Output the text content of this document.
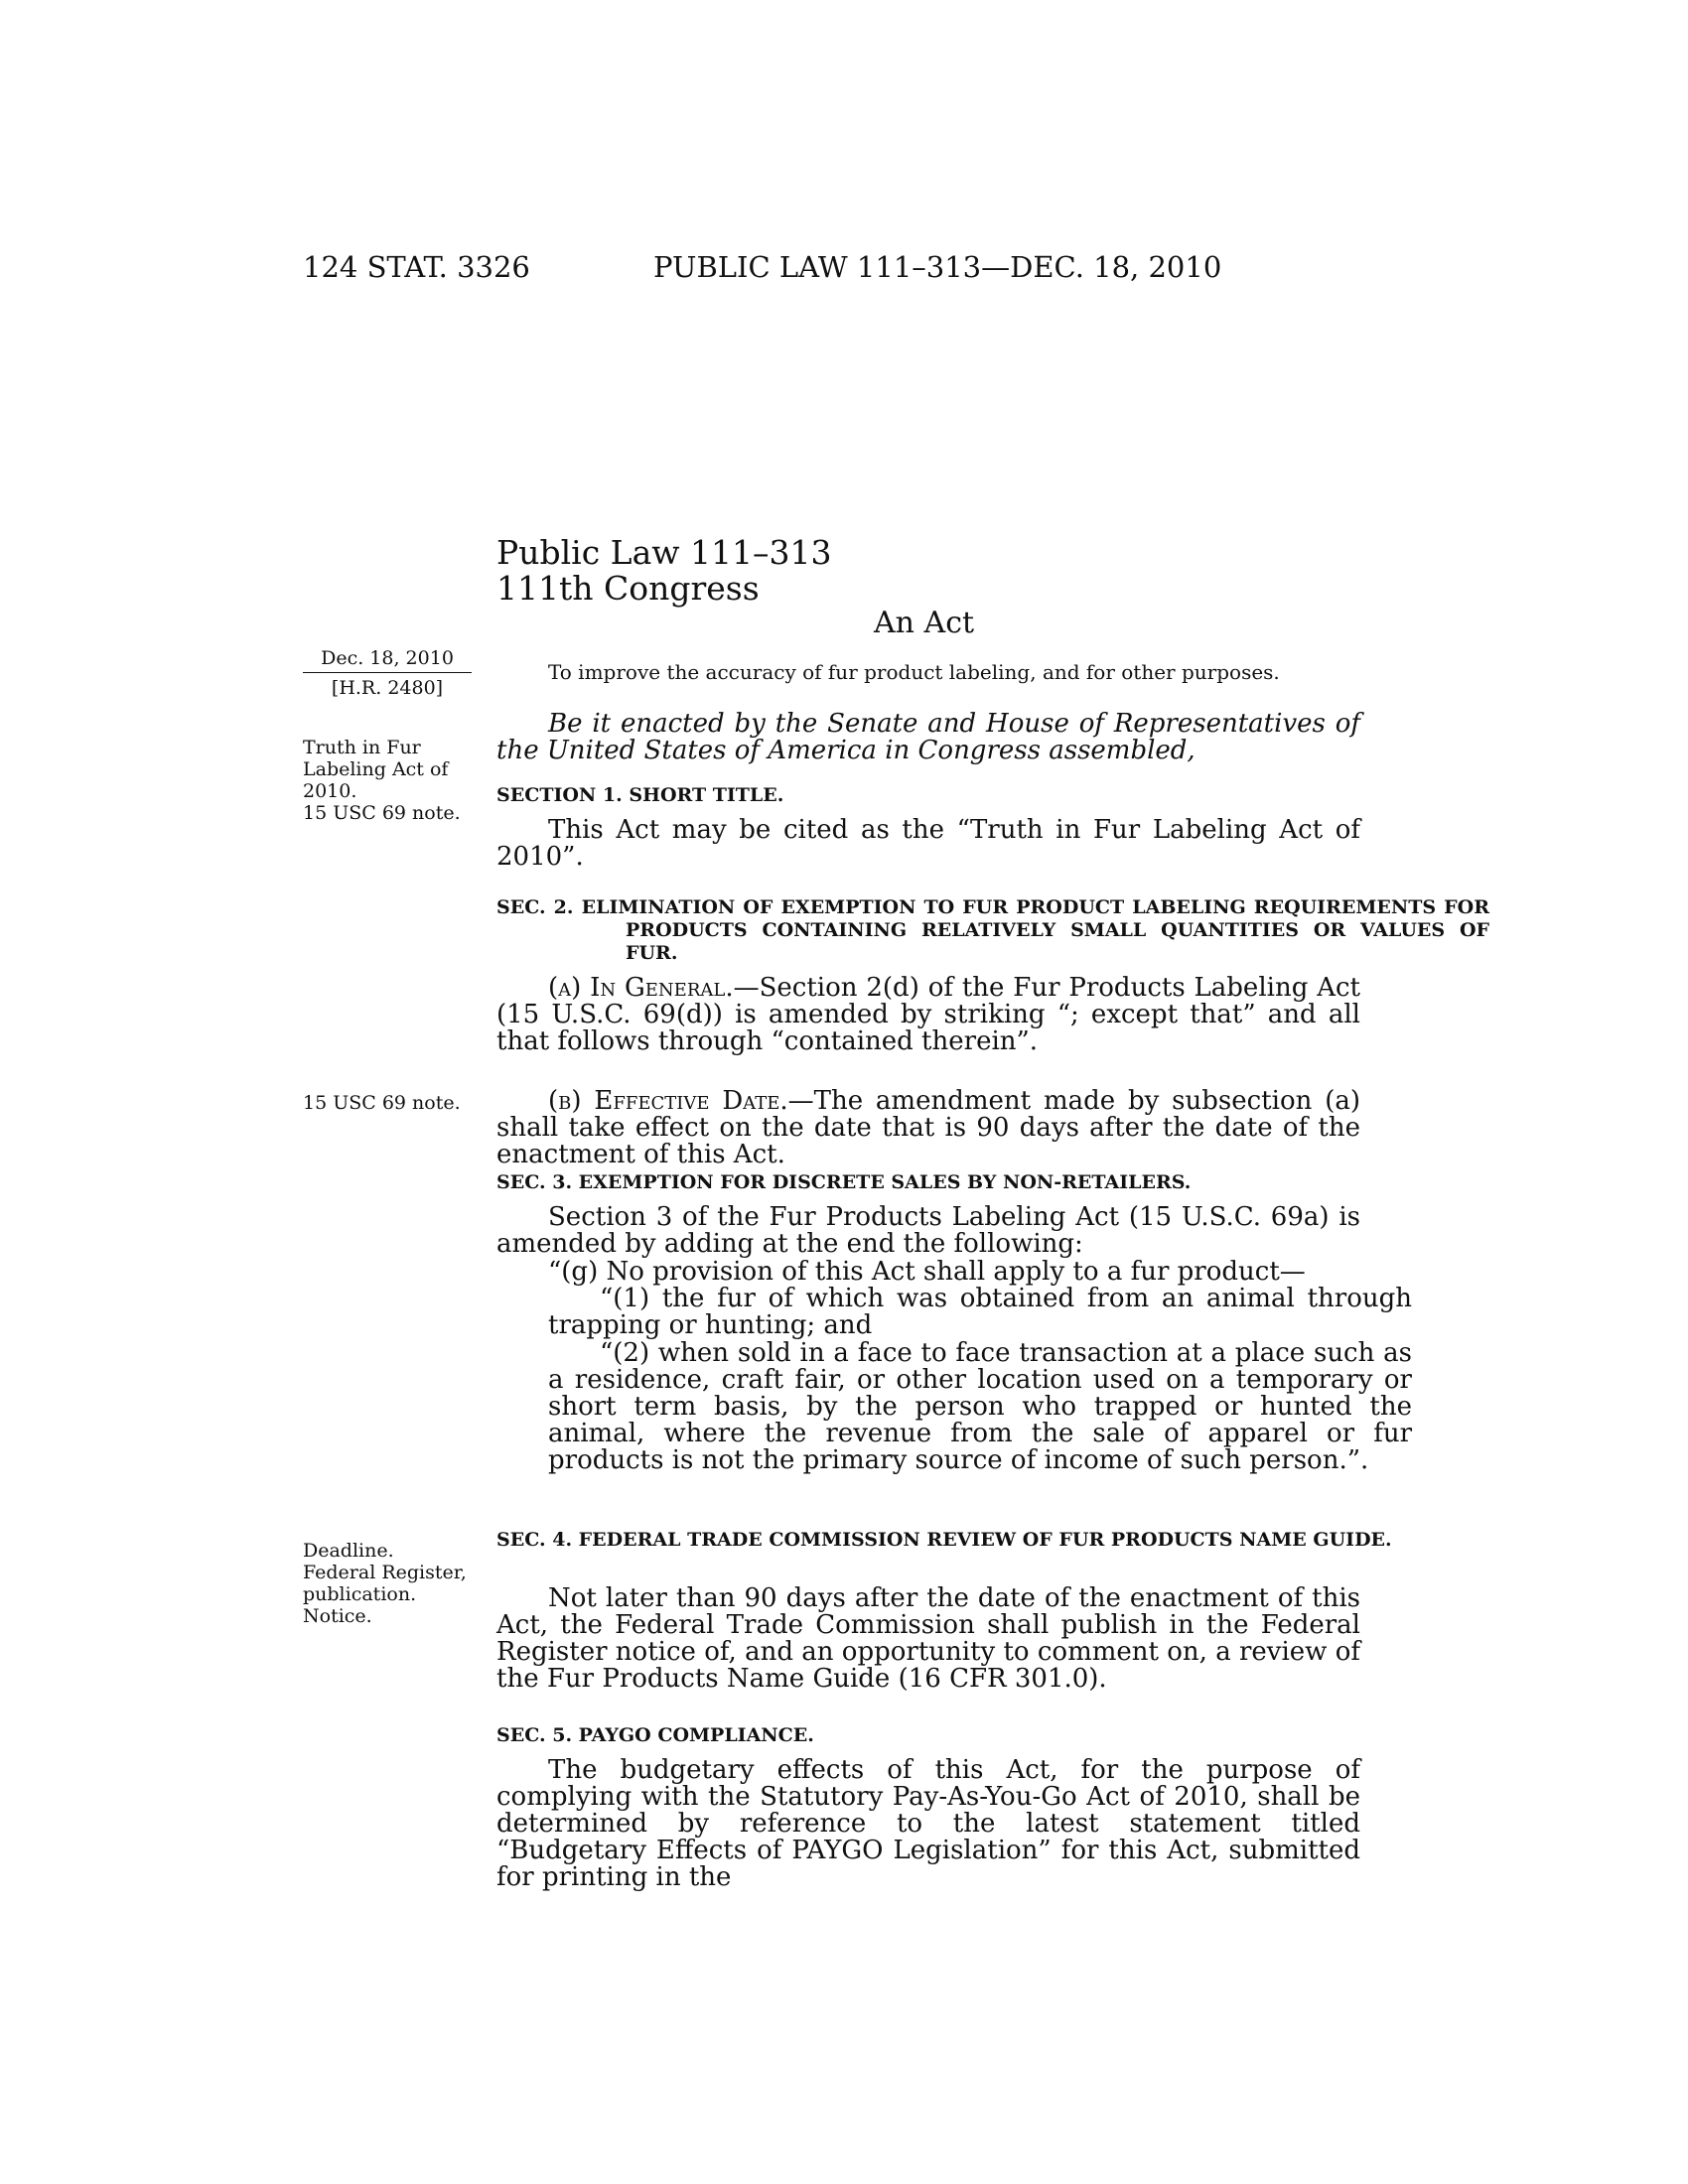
124 STAT. 3326	PUBLIC LAW 111–313—DEC. 18, 2010
Public Law 111–313
111th Congress
An Act
Dec. 18, 2010
[H.R. 2480]
To improve the accuracy of fur product labeling, and for other purposes.
Truth in Fur
Labeling Act of
2010.
15 USC 69 note.
15 USC 69 note.
Deadline.
Federal Register,
publication.
Notice.
Be it enacted by the Senate and House of Representatives of the United States of America in Congress assembled,
SECTION 1. SHORT TITLE.
This Act may be cited as the “Truth in Fur Labeling Act of 2010”.
SEC. 2. ELIMINATION OF EXEMPTION TO FUR PRODUCT LABELING REQUIREMENTS FOR PRODUCTS CONTAINING RELATIVELY SMALL QUANTITIES OR VALUES OF FUR.
(a) In General.—Section 2(d) of the Fur Products Labeling Act (15 U.S.C. 69(d)) is amended by striking “; except that” and all that follows through “contained therein”.
(b) Effective Date.—The amendment made by subsection (a) shall take effect on the date that is 90 days after the date of the enactment of this Act.
SEC. 3. EXEMPTION FOR DISCRETE SALES BY NON-RETAILERS.
Section 3 of the Fur Products Labeling Act (15 U.S.C. 69a) is amended by adding at the end the following:
“(g) No provision of this Act shall apply to a fur product—
“(1) the fur of which was obtained from an animal through trapping or hunting; and
“(2) when sold in a face to face transaction at a place such as a residence, craft fair, or other location used on a temporary or short term basis, by the person who trapped or hunted the animal, where the revenue from the sale of apparel or fur products is not the primary source of income of such person.”.
SEC. 4. FEDERAL TRADE COMMISSION REVIEW OF FUR PRODUCTS NAME GUIDE.
Not later than 90 days after the date of the enactment of this Act, the Federal Trade Commission shall publish in the Federal Register notice of, and an opportunity to comment on, a review of the Fur Products Name Guide (16 CFR 301.0).
SEC. 5. PAYGO COMPLIANCE.
The budgetary effects of this Act, for the purpose of complying with the Statutory Pay-As-You-Go Act of 2010, shall be determined by reference to the latest statement titled “Budgetary Effects of PAYGO Legislation” for this Act, submitted for printing in the
